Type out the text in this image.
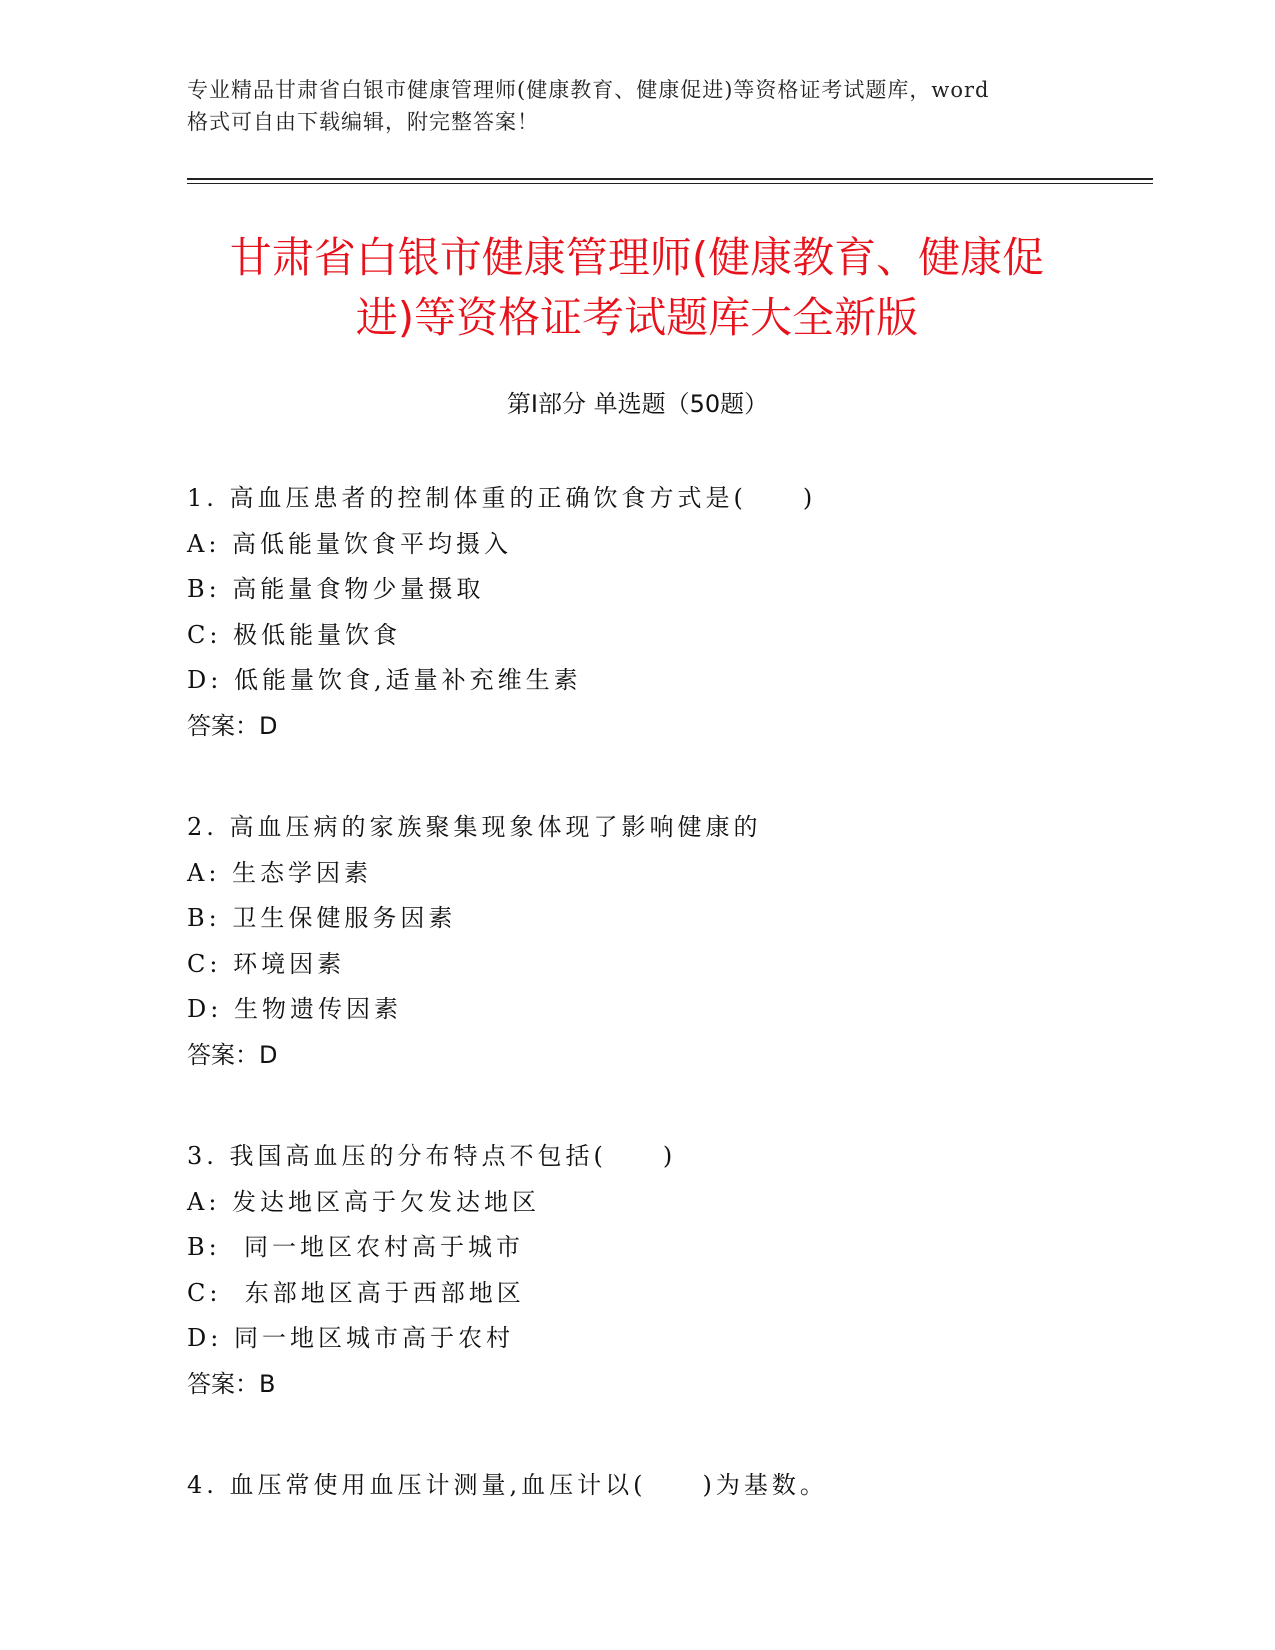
专业精品甘肃省白银市健康管理师(健康教育、健康促进)等资格证考试题库，word
格式可自由下载编辑，附完整答案！
甘肃省白银市健康管理师(健康教育、健康促
进)等资格证考试题库大全新版
第Ⅰ部分 单选题（50题）
1. 高血压患者的控制体重的正确饮食方式是(　　)
A: 高低能量饮食平均摄入
B: 高能量食物少量摄取
C: 极低能量饮食
D: 低能量饮食,适量补充维生素
答案：D
2. 高血压病的家族聚集现象体现了影响健康的
A: 生态学因素
B: 卫生保健服务因素
C: 环境因素
D: 生物遗传因素
答案：D
3. 我国高血压的分布特点不包括(　　)
A: 发达地区高于欠发达地区
B:  同一地区农村高于城市
C:  东部地区高于西部地区
D: 同一地区城市高于农村
答案：B
4. 血压常使用血压计测量,血压计以(　　)为基数。
